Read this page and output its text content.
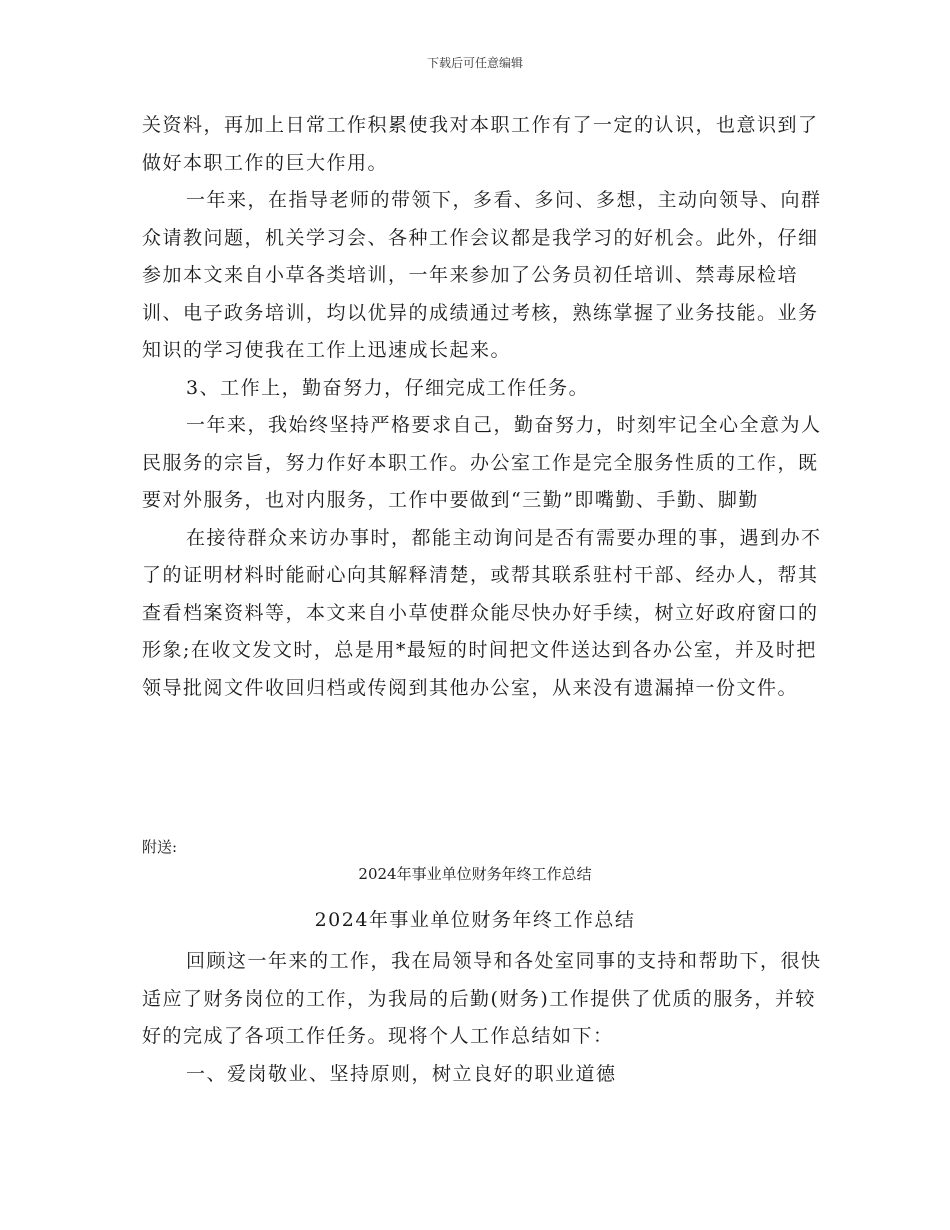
下载后可任意编辑

关资料，再加上日常工作积累使我对本职工作有了一定的认识，也意识到了做好本职工作的巨大作用。

一年来，在指导老师的带领下，多看、多问、多想，主动向领导、向群众请教问题，机关学习会、各种工作会议都是我学习的好机会。此外，仔细参加本文来自小草各类培训，一年来参加了公务员初任培训、禁毒尿检培训、电子政务培训，均以优异的成绩通过考核，熟练掌握了业务技能。业务知识的学习使我在工作上迅速成长起来。

3、工作上，勤奋努力，仔细完成工作任务。

一年来，我始终坚持严格要求自己，勤奋努力，时刻牢记全心全意为人民服务的宗旨，努力作好本职工作。办公室工作是完全服务性质的工作，既要对外服务，也对内服务，工作中要做到“三勤”即嘴勤、手勤、脚勤

在接待群众来访办事时，都能主动询问是否有需要办理的事，遇到办不了的证明材料时能耐心向其解释清楚，或帮其联系驻村干部、经办人，帮其查看档案资料等，本文来自小草使群众能尽快办好手续，树立好政府窗口的形象;在收文发文时，总是用*最短的时间把文件送达到各办公室，并及时把领导批阅文件收回归档或传阅到其他办公室，从来没有遗漏掉一份文件。

附送:
2024年事业单位财务年终工作总结
2024年事业单位财务年终工作总结

回顾这一年来的工作，我在局领导和各处室同事的支持和帮助下，很快适应了财务岗位的工作，为我局的后勤(财务)工作提供了优质的服务，并较好的完成了各项工作任务。现将个人工作总结如下：

一、爱岗敬业、坚持原则，树立良好的职业道德
